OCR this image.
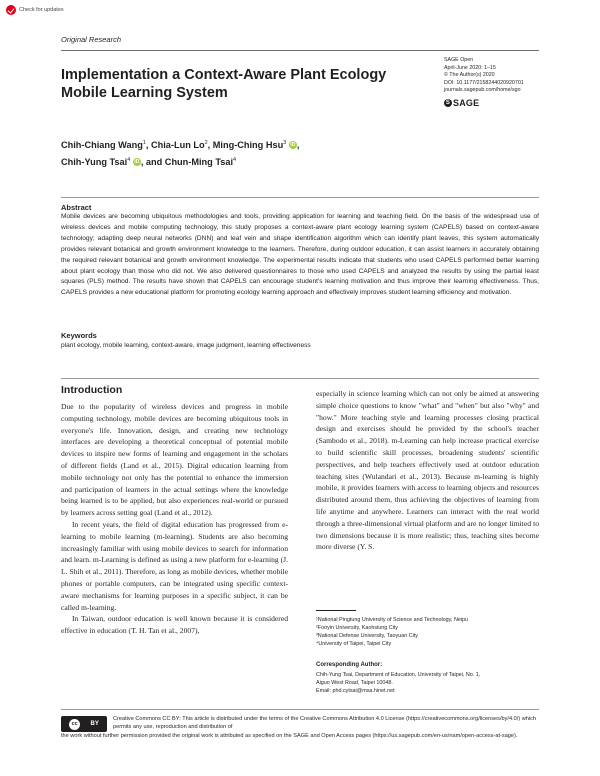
Check for updates
Original Research
Implementation a Context-Aware Plant Ecology Mobile Learning System
SAGE Open
April-June 2020: 1–15
© The Author(s) 2020
DOI: 10.1177/2158244020920701
journals.sagepub.com/home/sgo
S SAGE
Chih-Chiang Wang$^1$, Chia-Lun Lo$^2$, Ming-Ching Hsu$^3$ iD ,
Chih-Yung Tsai$^4$ iD , and Chun-Ming Tsai$^4$
Abstract
Mobile devices are becoming ubiquitous methodologies and tools, providing application for learning and teaching field. On the basis of the widespread use of wireless devices and mobile computing technology, this study proposes a context-aware plant ecology learning system (CAPELS) based on context-aware technology; adapting deep neural networks (DNN) and leaf vein and shape identification algorithm which can identify plant leaves, this system automatically provides relevant botanical and growth environment knowledge to the learners. Therefore, during outdoor education, it can assist learners in accurately obtaining the required relevant botanical and growth environment knowledge. The experimental results indicate that students who used CAPELS performed better learning about plant ecology than those who did not. We also delivered questionnaires to those who used CAPELS and analyzed the results by using the partial least squares (PLS) method. The results have shown that CAPELS can encourage student's learning motivation and thus improve their learning effectiveness. Thus, CAPELS provides a new educational platform for promoting ecology learning approach and effectively improves student learning efficiency and motivation.
Keywords
plant ecology, mobile learning, context-aware, image judgment, learning effectiveness
Introduction

Due to the popularity of wireless devices and progress in mobile computing technology, mobile devices are becoming ubiquitous tools in everyone's life. Innovation, design, and creating new technology interfaces are developing a theoretical conceptual of potential mobile devices to inspire new forms of learning and engagement in the scholars of different fields (Land et al., 2015). Digital education learning from mobile technology not only has the potential to enhance the immersion and participation of learners in the actual settings where the knowledge being learned is to be applied, but also experiences real-world or pursued by learners across setting goal (Land et al., 2012).

In recent years, the field of digital education has progressed from e-learning to mobile learning (m-learning). Students are also becoming increasingly familiar with using mobile devices to search for information and learn. m-Learning is defined as using a new platform for e-learning (J. L. Shih et al., 2011). Therefore, as long as mobile devices, whether mobile phones or portable computers, can be integrated using specific context-aware mechanisms for learning purposes in a specific subject, it can be called m-learning.

In Taiwan, outdoor education is well known because it is considered effective in education (T. H. Tan et al., 2007),

especially in science learning which can not only be aimed at answering simple choice questions to know "what" and "when" but also "why" and "how." More teaching style and learning processes closing practical design and exercises should be provided by the school's teacher (Sambodo et al., 2018). m-Learning can help increase practical exercise to build scientific skill processes, broadening students' scientific perspectives, and help teachers effectively used at outdoor education teaching sites (Wulandari et al., 2013). Because m-learning is highly mobile, it provides learners with access to learning objects and resources distributed around them, thus achieving the objectives of learning from life anytime and anywhere. Learners can interact with the real world through a three-dimensional virtual platform and are no longer limited to two dimensions because it is more realistic; thus, teaching sites become more diverse (Y. S.

¹National Pingtung University of Science and Technology, Neipu
²Fooyin University, Kaohsiung City
³National Defense University, Taoyuan City
⁴University of Taipei, Taipei City
Corresponding Author:
Chih-Yung Tsai, Department of Education, University of Taipei, No. 1,
Aiguo West Road, Taipei 10048.
Email: phd.cytsai@msa.hinet.net
cc	BY
Creative Commons CC BY: This article is distributed under the terms of the Creative Commons Attribution 4.0 License (https://creativecommons.org/licenses/by/4.0/) which permits any use, reproduction and distribution of
the work without further permission provided the original work is attributed as specified on the SAGE and Open Access pages (https://us.sagepub.com/en-us/nam/open-access-at-sage).
